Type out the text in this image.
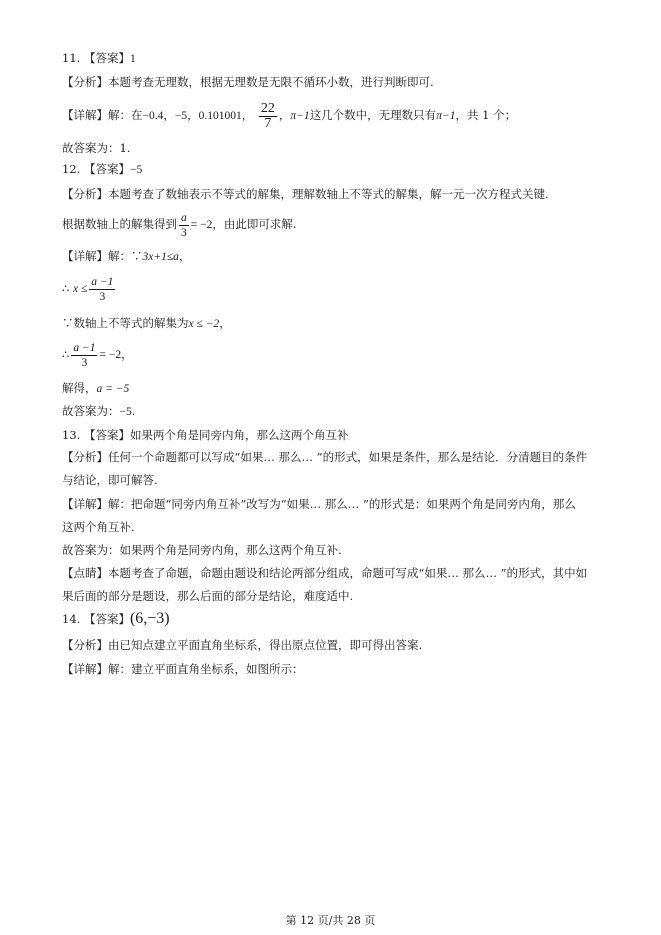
11. 【答案】1
【分析】本题考查无理数，根据无理数是无限不循环小数，进行判断即可.
【详解】解：在−0.4，−5，0.101001， $\frac{22}{7}$ ，π−1这几个数中，无理数只有π−1，共 1 个；
故答案为：1.
12. 【答案】−5
【分析】本题考查了数轴表示不等式的解集，理解数轴上不等式的解集，解一元一次方程式关键.
根据数轴上的解集得到 $\frac{a}{3} = -2$，由此即可求解.
【详解】解：∵3x+1≤a，
∴ $x \le \frac{a -1}{3}$
∵数轴上不等式的解集为x ≤ −2，
∴ $\frac{a -1}{3} = -2$，
解得，a = −5
故答案为：−5.
13. 【答案】如果两个角是同旁内角，那么这两个角互补
【分析】任何一个命题都可以写成“如果… 那么… ”的形式，如果是条件，那么是结论．分清题目的条件
与结论，即可解答.
【详解】解：把命题“同旁内角互补”改写为“如果… 那么… ”的形式是：如果两个角是同旁内角，那么
这两个角互补.
故答案为：如果两个角是同旁内角，那么这两个角互补.
【点睛】本题考查了命题，命题由题设和结论两部分组成，命题可写成“如果… 那么… ”的形式，其中如
果后面的部分是题设，那么后面的部分是结论，难度适中.
14. 【答案】(6,−3)
【分析】由已知点建立平面直角坐标系，得出原点位置，即可得出答案.
【详解】解：建立平面直角坐标系，如图所示：
第 12 页/共 28 页
